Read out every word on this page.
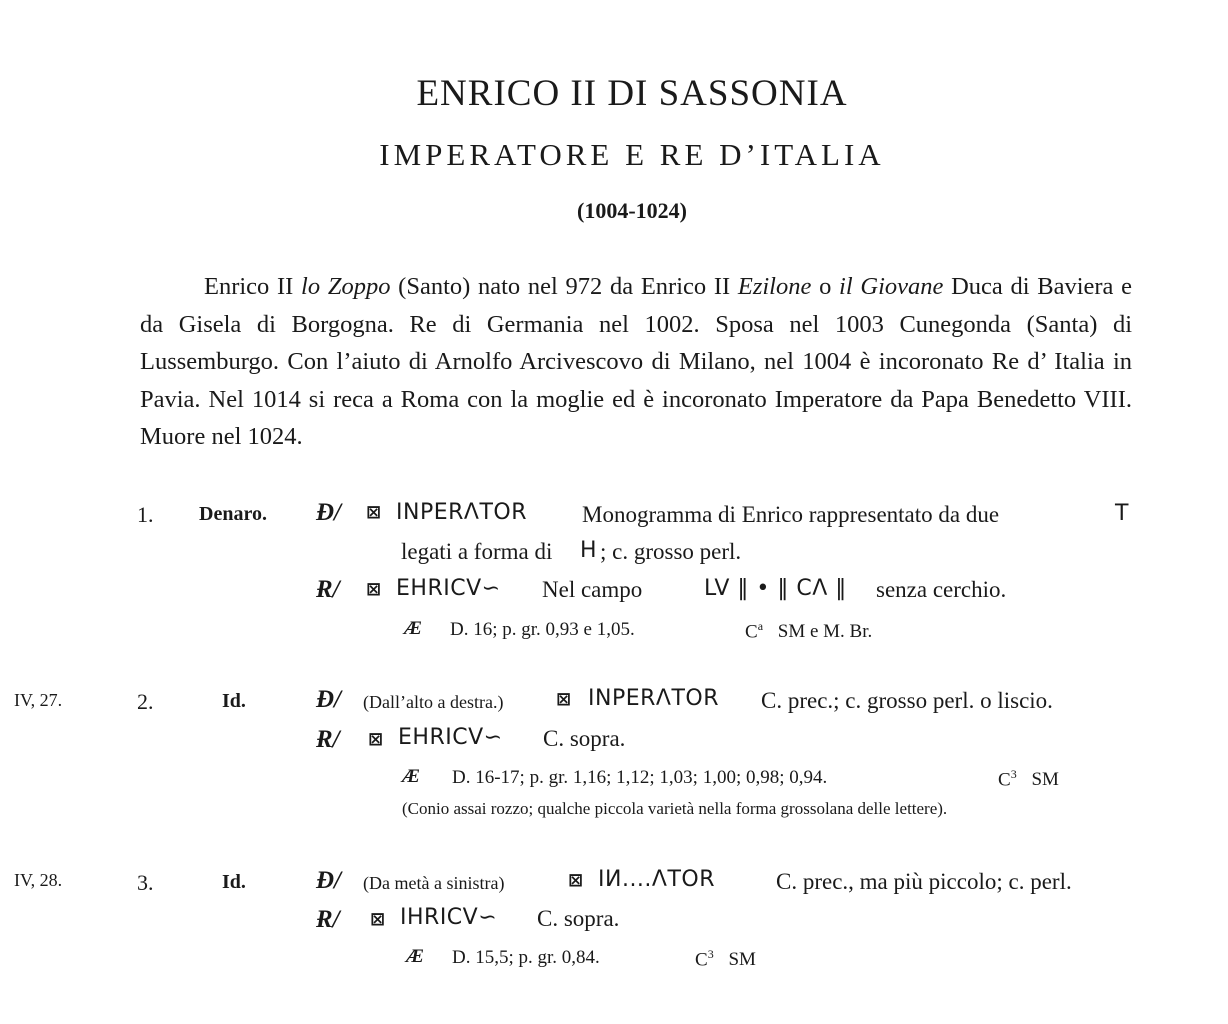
ENRICO II DI SASSONIA
IMPERATORE E RE D’ITALIA
(1004-1024)
Enrico II lo Zoppo (Santo) nato nel 972 da Enrico II Ezilone o il Giovane Duca di Baviera e da Gisela di Borgogna. Re di Germania nel 1002. Sposa nel 1003 Cunegonda (Santa) di Lussemburgo. Con l’aiuto di Arnolfo Arcivescovo di Milano, nel 1004 è incoronato Re d’ Italia in Pavia. Nel 1014 si reca a Roma con la moglie ed è incoronato Imperatore da Papa Benedetto VIII. Muore nel 1024.
1. Denaro. Ɖ/ ⊠ INPERΛTOR Monogramma di Enrico rappresentato da due	T
legati a forma di H ; c. grosso perl.
Ɍ/ ⊠ EHRICV∽ Nel campo	LV ‖ • ‖ CΛ ‖ senza cerchio.
Æ D. 16; p. gr. 0,93 e 1,05.	$C^a$ SM e M. Br.
IV, 27.	2.	Id.	Ɖ/ (Dall’alto a destra.)	⊠ INPERΛTOR C. prec.; c. grosso perl. o liscio.
Ɍ/ ⊠ EHRICV∽ C. sopra.
Æ D. 16-17; p. gr. 1,16; 1,12; 1,03; 1,00; 0,98; 0,94.	$C^3$ SM
(Conio assai rozzo; qualche piccola varietà nella forma grossolana delle lettere).
IV, 28.	3.	Id.	Ɖ/ (Da metà a sinistra)	⊠ IИ....ΛTOR	C. prec., ma più piccolo; c. perl.
Ɍ/ ⊠ IHRICV∽ C. sopra.
Æ D. 15,5; p. gr. 0,84.	$C^3$ SM
